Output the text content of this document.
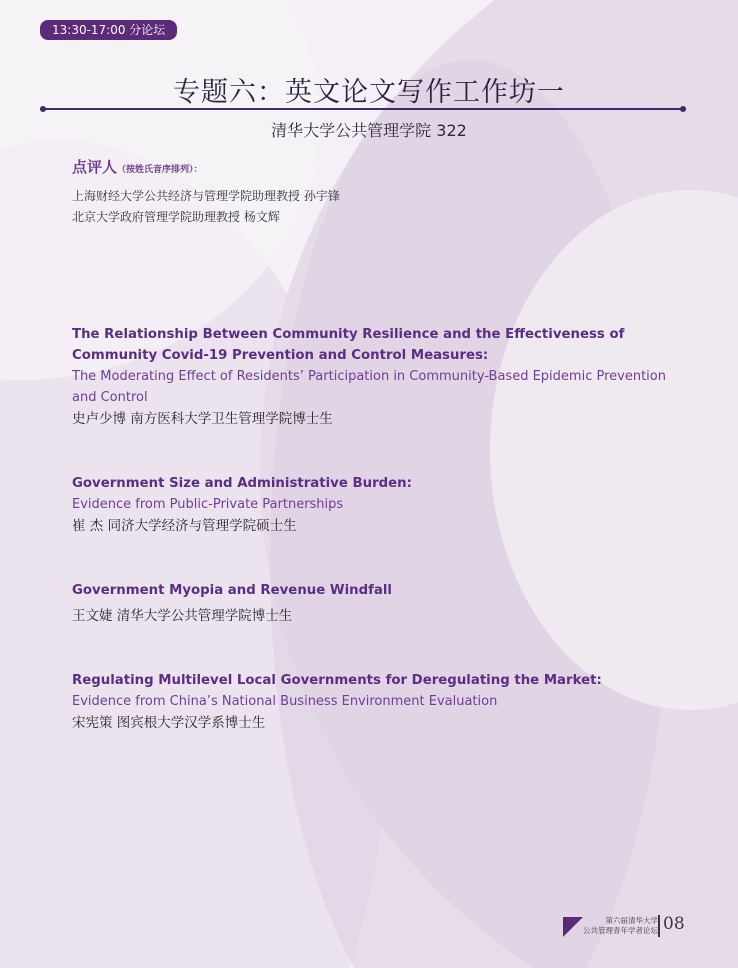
13:30-17:00 分论坛
专题六：英文论文写作工作坊一
清华大学公共管理学院 322
点评人（按姓氏音序排列）：
上海财经大学公共经济与管理学院助理教授 孙宇锋
北京大学政府管理学院助理教授 杨文辉
The Relationship Between Community Resilience and the Effectiveness of Community Covid-19 Prevention and Control Measures:
The Moderating Effect of Residents’ Participation in Community-Based Epidemic Prevention and Control
史卢少博 南方医科大学卫生管理学院博士生
Government Size and Administrative Burden:
Evidence from Public-Private Partnerships
崔 杰 同济大学经济与管理学院硕士生
Government Myopia and Revenue Windfall
王文婕 清华大学公共管理学院博士生
Regulating Multilevel Local Governments for Deregulating the Market:
Evidence from China’s National Business Environment Evaluation
宋宪策 图宾根大学汉学系博士生
第六届清华大学
公共管理青年学者论坛 08
